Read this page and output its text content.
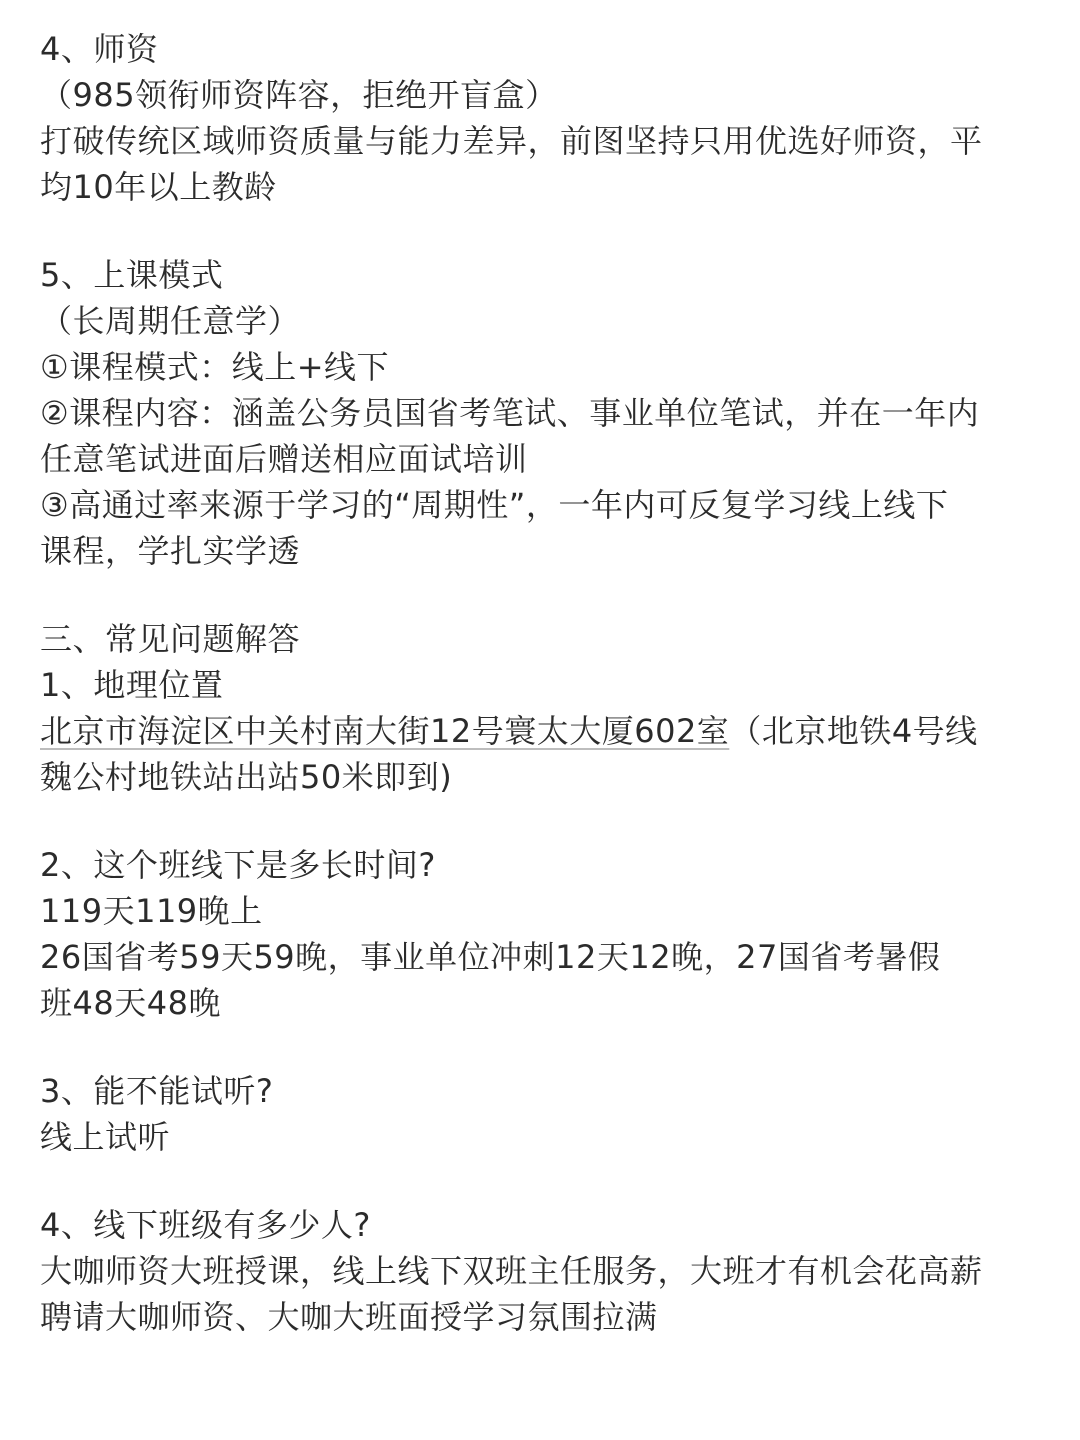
4、师资
（985领衔师资阵容，拒绝开盲盒）
打破传统区域师资质量与能力差异，前图坚持只用优选好师资，平
均10年以上教龄
5、上课模式
（长周期任意学）
①课程模式：线上+线下
②课程内容：涵盖公务员国省考笔试、事业单位笔试，并在一年内
任意笔试进面后赠送相应面试培训
③高通过率来源于学习的“周期性”，一年内可反复学习线上线下
课程，学扎实学透
三、常见问题解答
1、地理位置
北京市海淀区中关村南大街12号寰太大厦602室（北京地铁4号线
魏公村地铁站出站50米即到)
2、这个班线下是多长时间?
119天119晚上
26国省考59天59晚，事业单位冲刺12天12晚，27国省考暑假
班48天48晚
3、能不能试听?
线上试听
4、线下班级有多少人?
大咖师资大班授课，线上线下双班主任服务，大班才有机会花高薪
聘请大咖师资、大咖大班面授学习氛围拉满
